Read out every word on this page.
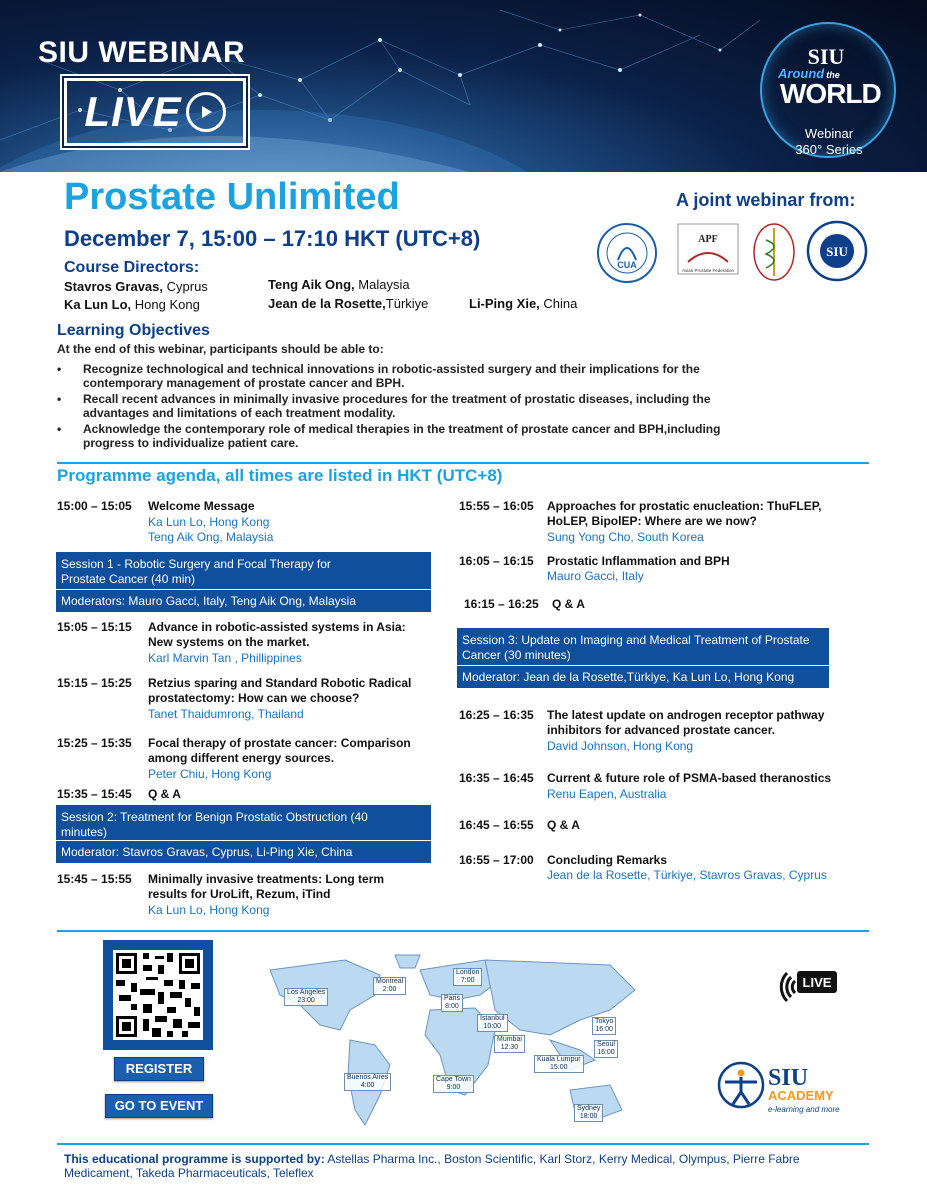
SIU WEBINAR
LIVE
SIU
Around the
WORLD
Webinar
360° Series
Prostate Unlimited
December 7, 15:00 – 17:10 HKT (UTC+8)
A joint webinar from:
CUA
APF
Asian Prostate Federation
SIU
Course Directors:
Stavros Gravas, Cyprus
Ka Lun Lo, Hong Kong
Teng Aik Ong, Malaysia
Jean de la Rosette,Türkiye	Li-Ping Xie, China
Learning Objectives
At the end of this webinar, participants should be able to:
• Recognize technological and technical innovations in robotic-assisted surgery and their implications for the contemporary management of prostate cancer and BPH.
• Recall recent advances in minimally invasive procedures for the treatment of prostatic diseases, including the advantages and limitations of each treatment modality.
• Acknowledge the contemporary role of medical therapies in the treatment of prostate cancer and BPH,including progress to individualize patient care.
Programme agenda, all times are listed in HKT (UTC+8)
15:00 – 15:05 Welcome Message
Ka Lun Lo, Hong Kong
Teng Aik Ong, Malaysia
Session 1 - Robotic Surgery and Focal Therapy for Prostate Cancer (40 min)
Moderators: Mauro Gacci, Italy, Teng Aik Ong, Malaysia
15:05 – 15:15 Advance in robotic-assisted systems in Asia: New systems on the market.
Karl Marvin Tan , Phillippines
15:15 – 15:25 Retzius sparing and Standard Robotic Radical prostatectomy: How can we choose?
Tanet Thaidumrong, Thailand
15:25 – 15:35 Focal therapy of prostate cancer: Comparison among different energy sources.
Peter Chiu, Hong Kong
15:35 – 15:45 Q & A
Session 2: Treatment for Benign Prostatic Obstruction (40 minutes)
Moderator: Stavros Gravas, Cyprus, Li-Ping Xie, China
15:45 – 15:55 Minimally invasive treatments: Long term results for UroLift, Rezum, iTind
Ka Lun Lo, Hong Kong
15:55 – 16:05 Approaches for prostatic enucleation: ThuFLEP, HoLEP, BipolEP: Where are we now?
Sung Yong Cho, South Korea
16:05 – 16:15 Prostatic Inflammation and BPH
Mauro Gacci, Italy
16:15 – 16:25 Q & A
Session 3: Update on Imaging and Medical Treatment of Prostate Cancer (30 minutes)
Moderator: Jean de la Rosette,Türkiye, Ka Lun Lo, Hong Kong
16:25 – 16:35 The latest update on androgen receptor pathway inhibitors for advanced prostate cancer.
David Johnson, Hong Kong
16:35 – 16:45 Current & future role of PSMA-based theranostics
Renu Eapen, Australia
16:45 – 16:55 Q & A
16:55 – 17:00 Concluding Remarks
Jean de la Rosette, Türkiye, Stavros Gravas, Cyprus
REGISTER
GO TO EVENT
Los Angeles
23:00
Montreal
2:00
London
7:00
Paris
8:00
Istanbul
10:00
Mumbai
12:30
Tokyo
16:00
Seoul
16:00
Kuala Lumpur
15:00
Buenos Aires
4:00
Cape Town
9:00
Sydney
18:00
LIVE
SIU
ACADEMY
e-learning and more
This educational programme is supported by: Astellas Pharma Inc., Boston Scientific, Karl Storz, Kerry Medical, Olympus, Pierre Fabre Medicament, Takeda Pharmaceuticals, Teleflex
